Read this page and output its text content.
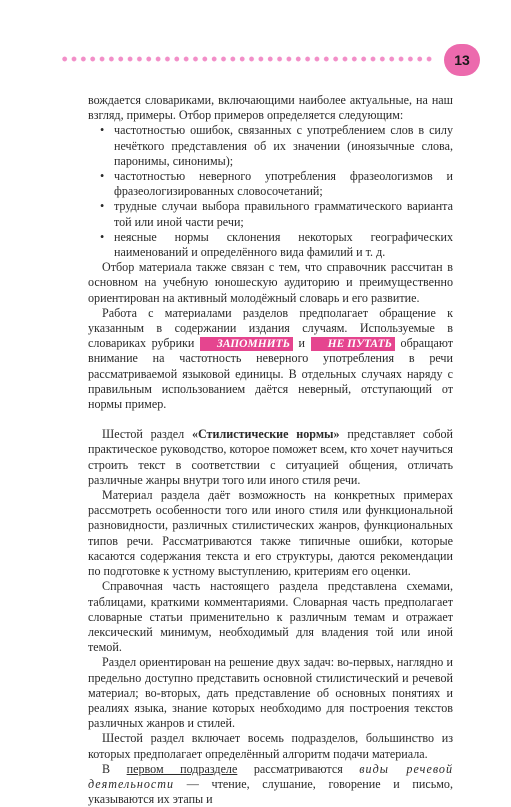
13

вождается словариками, включающими наиболее актуальные, на наш взгляд, примеры. Отбор примеров определяется следующим:

• частотностью ошибок, связанных с употреблением слов в силу нечёткого представления об их значении (иноязычные слова, паронимы, синонимы);
• частотностью неверного употребления фразеологизмов и фразеологизированных словосочетаний;
• трудные случаи выбора правильного грамматического варианта той или иной части речи;
• неясные нормы склонения некоторых географических наименований и определённого вида фамилий и т. д.

Отбор материала также связан с тем, что справочник рассчитан в основном на учебную юношескую аудиторию и преимущественно ориентирован на активный молодёжный словарь и его развитие.

Работа с материалами разделов предполагает обращение к указанным в содержании издания случаям. Используемые в словариках рубрики ЗАПОМНИТЬ и НЕ ПУТАТЬ обращают внимание на частотность неверного употребления в речи рассматриваемой языковой единицы. В отдельных случаях наряду с правильным использованием даётся неверный, отступающий от нормы пример.

Шестой раздел «Стилистические нормы» представляет собой практическое руководство, которое поможет всем, кто хочет научиться строить текст в соответствии с ситуацией общения, отличать различные жанры внутри того или иного стиля речи.

Материал раздела даёт возможность на конкретных примерах рассмотреть особенности того или иного стиля или функциональной разновидности, различных стилистических жанров, функциональных типов речи. Рассматриваются также типичные ошибки, которые касаются содержания текста и его структуры, даются рекомендации по подготовке к устному выступлению, критериям его оценки.

Справочная часть настоящего раздела представлена схемами, таблицами, краткими комментариями. Словарная часть предполагает словарные статьи применительно к различным темам и отражает лексический минимум, необходимый для владения той или иной темой.

Раздел ориентирован на решение двух задач: во-первых, наглядно и предельно доступно представить основной стилистический и речевой материал; во-вторых, дать представление об основных понятиях и реалиях языка, знание которых необходимо для построения текстов различных жанров и стилей.

Шестой раздел включает восемь подразделов, большинство из которых предполагает определённый алгоритм подачи материала.

В первом подразделе рассматриваются виды речевой деятельности — чтение, слушание, говорение и письмо, указываются их этапы и
